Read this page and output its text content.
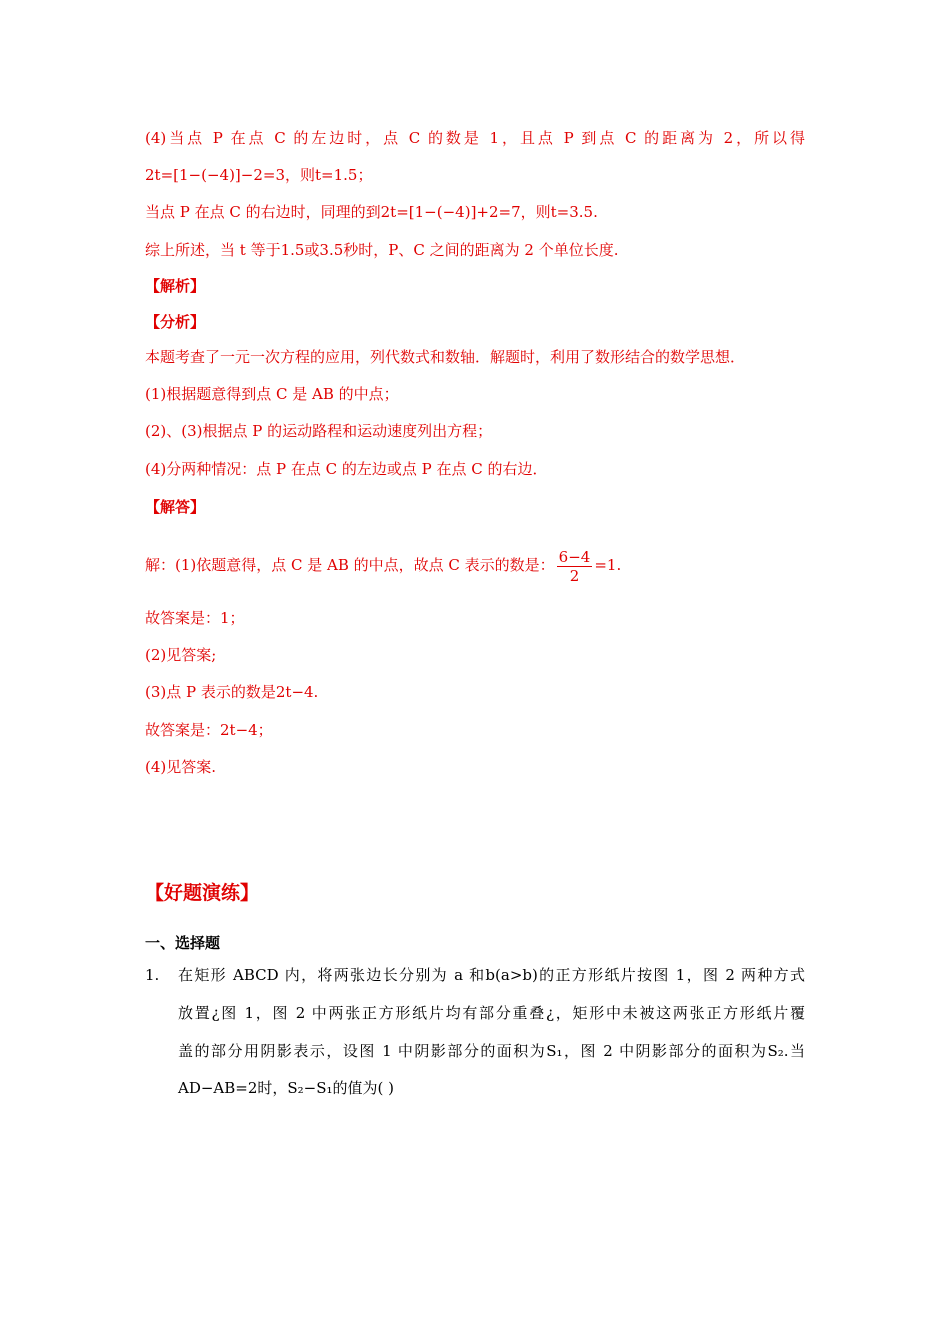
(4)当点 P 在点 C 的左边时，点 C 的数是 1，且点 P 到点 C 的距离为 2，所以得
2t=[1−(−4)]−2=3，则t=1.5；
当点 P 在点 C 的右边时，同理的到2t=[1−(−4)]+2=7，则t=3.5.
综上所述，当 t 等于1.5或3.5秒时，P、C 之间的距离为 2 个单位长度.
【解析】
【分析】
本题考查了一元一次方程的应用，列代数式和数轴．解题时，利用了数形结合的数学思想．
(1)根据题意得到点 C 是 AB 的中点；
(2)、(3)根据点 P 的运动路程和运动速度列出方程；
(4)分两种情况：点 P 在点 C 的左边或点 P 在点 C 的右边．
【解答】
解：(1)依题意得，点 C 是 AB 的中点，故点 C 表示的数是： $\frac{6-4}{2} =1$.
故答案是：1；
(2)见答案;
(3)点 P 表示的数是2t−4.
故答案是：2t−4；
(4)见答案.
【好题演练】
一、选择题
1. 在矩形 ABCD 内，将两张边长分别为 a 和b(a>b)的正方形纸片按图 1，图 2 两种方式
放置¿图 1，图 2 中两张正方形纸片均有部分重叠¿，矩形中未被这两张正方形纸片覆
盖的部分用阴影表示，设图 1 中阴影部分的面积为S₁，图 2 中阴影部分的面积为S₂.当
AD−AB=2时，S₂−S₁的值为( )
